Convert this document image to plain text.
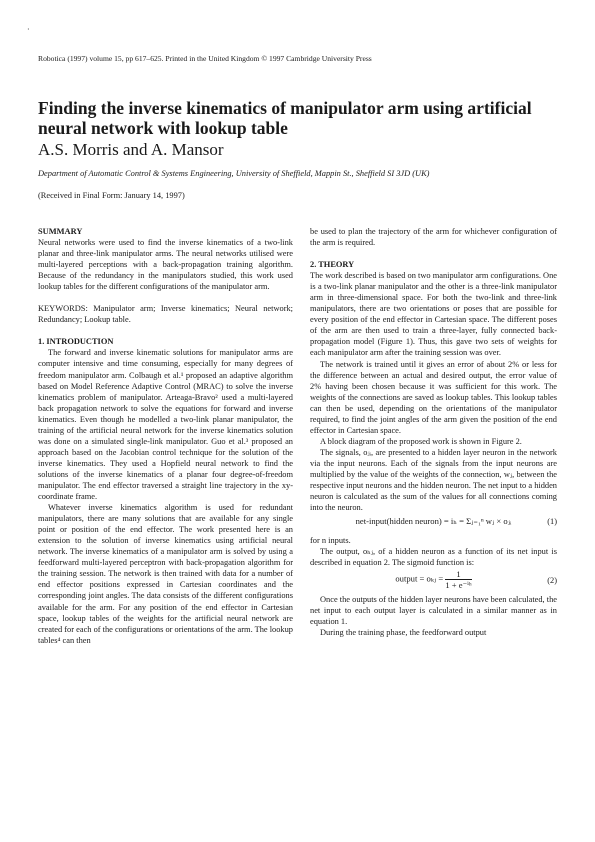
·
Robotica (1997) volume 15, pp 617–625. Printed in the United Kingdom © 1997 Cambridge University Press
Finding the inverse kinematics of manipulator arm using artificial neural network with lookup table
A.S. Morris and A. Mansor
Department of Automatic Control & Systems Engineering, University of Sheffield, Mappin St., Sheffield SI 3JD (UK)
(Received in Final Form: January 14, 1997)

SUMMARY

Neural networks were used to find the inverse kinematics of a two-link planar and three-link manipulator arms. The neural networks utilised were multi-layered perceptions with a back-propagation training algorithm. Because of the redundancy in the manipulators studied, this work used lookup tables for the different configurations of the manipulator arm.

KEYWORDS: Manipulator arm; Inverse kinematics; Neural network; Redundancy; Lookup table.

1. INTRODUCTION

The forward and inverse kinematic solutions for manipulator arms are computer intensive and time consuming, especially for many degrees of freedom manipulator arm. Colbaugh et al.¹ proposed an adaptive algorithm based on Model Reference Adaptive Control (MRAC) to solve the inverse kinematics problem of manipulator. Arteaga-Bravo² used a multi-layered back propagation network to solve the equations for forward and inverse kinematics. Even though he modelled a two-link planar manipulator, the training of the artificial neural network for the inverse kinematics solution was done on a simulated single-link manipulator. Guo et al.³ proposed an approach based on the Jacobian control technique for the solution of the inverse kinematics. They used a Hopfield neural network to find the solutions of the inverse kinematics of a planar four degree-of-freedom manipulator. The end effector traversed a straight line trajectory in the xy-coordinate frame.

Whatever inverse kinematics algorithm is used for redundant manipulators, there are many solutions that are available for any single point or position of the end effector. The work presented here is an extension to the solution of inverse kinematics using artificial neural network. The inverse kinematics of a manipulator arm is solved by using a feedforward multi-layered perceptron with back-propagation algorithm for the training session. The network is then trained with data for a number of end effector positions expressed in Cartesian coordinates and the corresponding joint angles. The data consists of the different configurations available for the arm. For any position of the end effector in Cartesian space, lookup tables of the weights for the artificial neural network are created for each of the configurations or orientations of the arm. The lookup tables⁴ can then

be used to plan the trajectory of the arm for whichever configuration of the arm is required.

2. THEORY

The work described is based on two manipulator arm configurations. One is a two-link planar manipulator and the other is a three-link manipulator arm in three-dimensional space. For both the two-link and three-link manipulators, there are two orientations or poses that are possible for every position of the end effector in Cartesian space. The different poses of the arm are then used to train a three-layer, fully connected back-propagation model (Figure 1). Thus, this gave two sets of weights for each manipulator arm after the training session was over.

The network is trained until it gives an error of about 2% or less for the difference between an actual and desired output, the error value of 2% having been chosen because it was sufficient for this work. The weights of the connections are saved as lookup tables. This lookup tables can then be used, depending on the orientations of the manipulator required, to find the joint angles of the arm given the position of the end effector in Cartesian space.

A block diagram of the proposed work is shown in Figure 2.

The signals, oⱼᵢ, are presented to a hidden layer neuron in the network via the input neurons. Each of the signals from the input neurons are multiplied by the value of the weights of the connection, wⱼ, between the respective input neurons and the hidden neuron. The net input to a hidden neuron is calculated as the sum of the values for all connections coming into the neuron.

net-input(hidden neuron) = iₕ = Σⱼ₌₁ⁿ wⱼ × oⱼᵢ	(1)

for n inputs.

The output, oₕⱼ, of a hidden neuron as a function of its net input is described in equation 2. The sigmoid function is:

output = oₖⱼ = $\frac{1}{\text{1 + e⁻ⁱʰ}}$	(2)

Once the outputs of the hidden layer neurons have been calculated, the net input to each output layer is calculated in a similar manner as in equation 1.

During the training phase, the feedforward output
